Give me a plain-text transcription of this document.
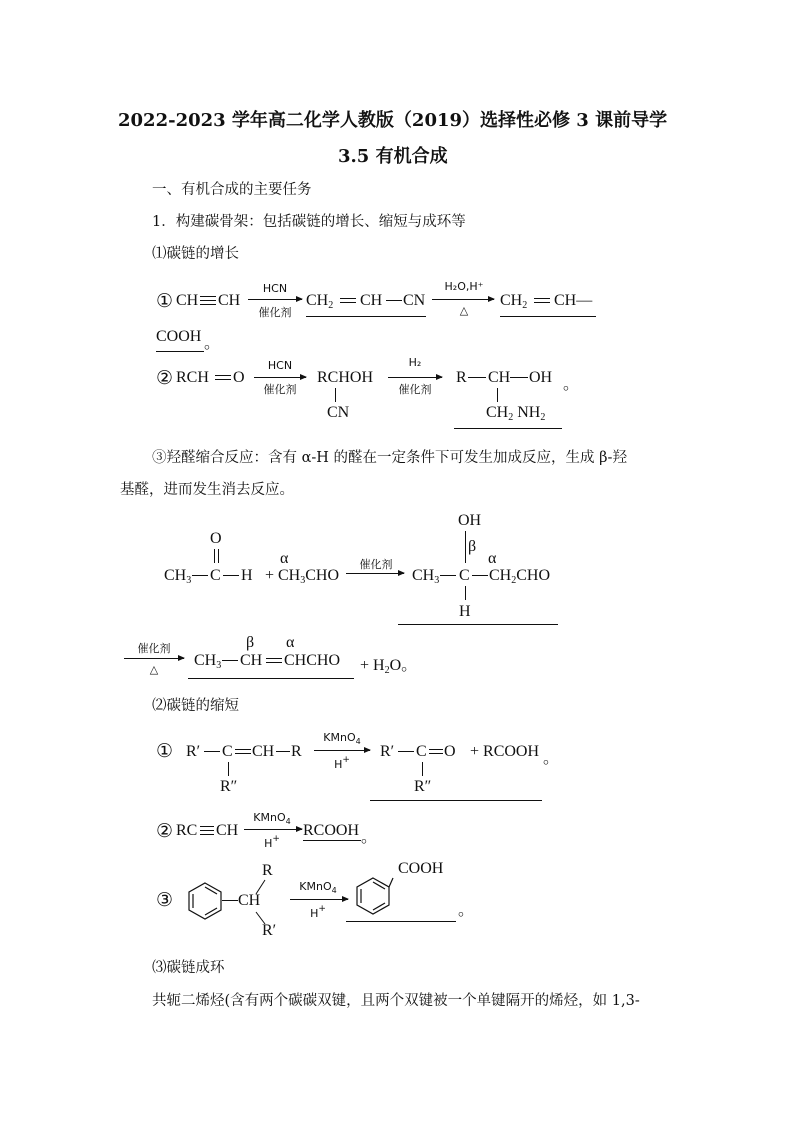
2022-2023 学年高二化学人教版（2019）选择性必修 3 课前导学
3.5 有机合成
一、有机合成的主要任务
1．构建碳骨架：包括碳链的增长、缩短与成环等
⑴碳链的增长
① CH CH
HCN
催化剂
$CH_2$ CH CN
H₂O,H⁺
△
$CH_2$ CH—
COOH 。
② RCH O
HCN
催化剂
RCHOH
CN
H₂
催化剂
R CH OH
$CH_2$ $NH_2$
。
③羟醛缩合反应：含有 α-H 的醛在一定条件下可发生加成反应，生成 β-羟
基醛，进而发生消去反应。
O
$CH_3$ C H +
α
$CH_3CHO$
催化剂
OH
β
α
$CH_3$ C $CH_2CHO$
H
催化剂
△
β α
$CH_3$ CH CHCHO + $H_2O$。
⑵碳链的缩短
① R′ C CH R
R″
KMnO$_4$
H+	R′ C O
R″
+ RCOOH 。
② RC CH
KMnO$_4$
H+	RCOOH 。
③	CH
R
R′
KMnO$_4$
H+
COOH
。
⑶碳链成环
共轭二烯烃(含有两个碳碳双键，且两个双键被一个单键隔开的烯烃，如 1,3-
